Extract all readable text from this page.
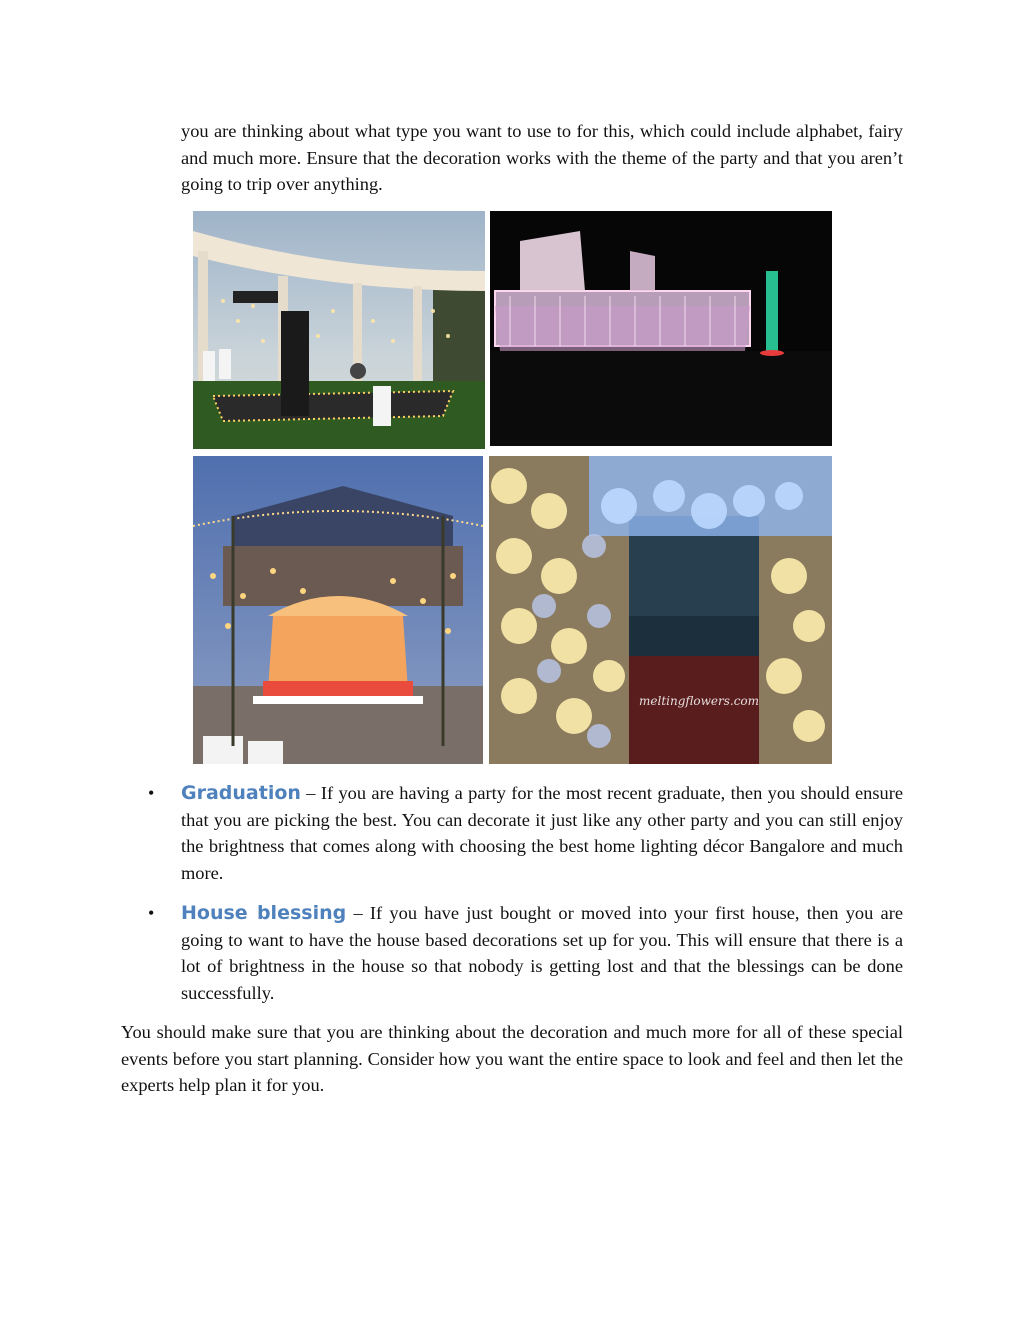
you are thinking about what type you want to use to for this, which could include alphabet, fairy and much more. Ensure that the decoration works with the theme of the party and that you aren’t going to trip over anything.

meltingflowers.com
• Graduation – If you are having a party for the most recent graduate, then you should ensure that you are picking the best. You can decorate it just like any other party and you can still enjoy the brightness that comes along with choosing the best home lighting décor Bangalore and much more.

• House blessing – If you have just bought or moved into your first house, then you are going to want to have the house based decorations set up for you. This will ensure that there is a lot of brightness in the house so that nobody is getting lost and that the blessings can be done successfully.

You should make sure that you are thinking about the decoration and much more for all of these special events before you start planning. Consider how you want the entire space to look and feel and then let the experts help plan it for you.
